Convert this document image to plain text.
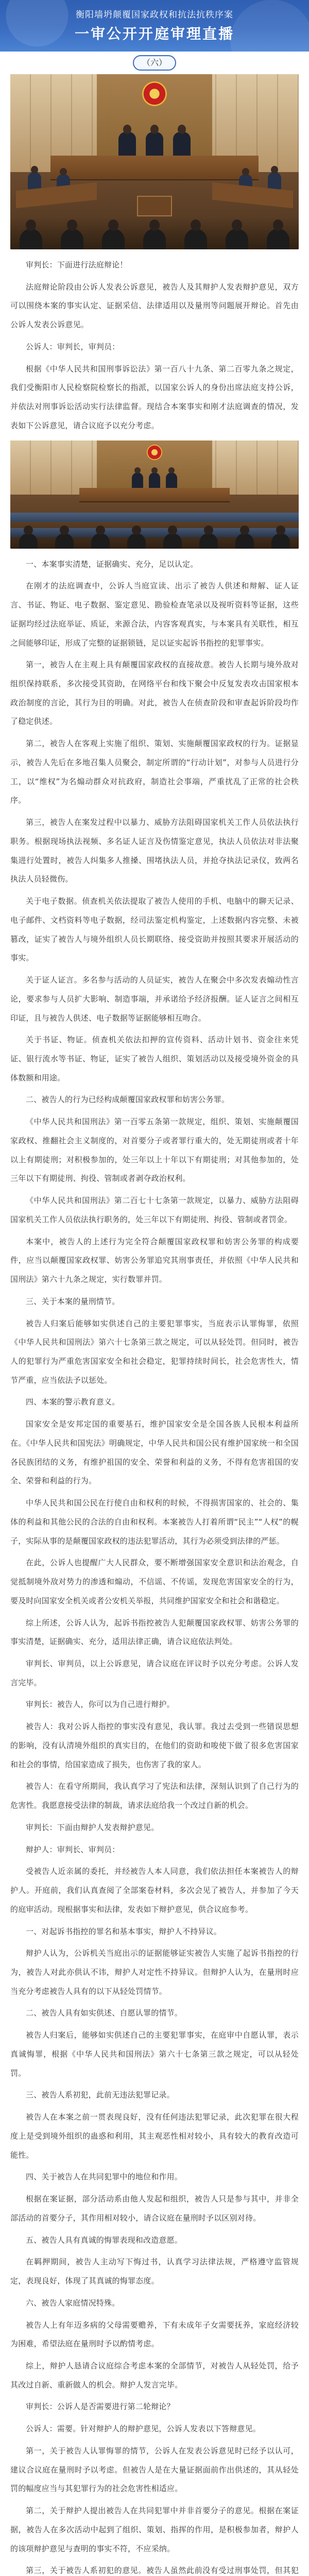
衡阳墙坍颠覆国家政权和抗法抗秩序案
一审公开开庭审理直播
（六）

审判长：下面进行法庭辩论！

法庭辩论阶段由公诉人发表公诉意见，被告人及其辩护人发表辩护意见，双方可以围绕本案的事实认定、证据采信、法律适用以及量刑等问题展开辩论。首先由公诉人发表公诉意见。

公诉人：审判长，审判员：

根据《中华人民共和国刑事诉讼法》第一百八十九条、第二百零九条之规定，我们受衡阳市人民检察院检察长的指派，以国家公诉人的身份出席法庭支持公诉，并依法对刑事诉讼活动实行法律监督。现结合本案事实和刚才法庭调查的情况，发表如下公诉意见，请合议庭予以充分考虑。

一、本案事实清楚，证据确实、充分，足以认定。

在刚才的法庭调查中，公诉人当庭宣读、出示了被告人供述和辩解、证人证言、书证、物证、电子数据、鉴定意见、勘验检查笔录以及视听资料等证据，这些证据均经过法庭举证、质证，来源合法，内容客观真实，与本案具有关联性，相互之间能够印证，形成了完整的证据锁链，足以证实起诉书指控的犯罪事实。

第一，被告人在主观上具有颠覆国家政权的直接故意。被告人长期与境外敌对组织保持联系，多次接受其资助，在网络平台和线下聚会中反复发表攻击国家根本政治制度的言论，其行为目的明确。对此，被告人在侦查阶段和审查起诉阶段均作了稳定供述。

第二，被告人在客观上实施了组织、策划、实施颠覆国家政权的行为。证据显示，被告人先后在多地召集人员聚会，制定所谓的“行动计划”，对参与人员进行分工，以“维权”为名煽动群众对抗政府，制造社会事端，严重扰乱了正常的社会秩序。

第三，被告人在案发过程中以暴力、威胁方法阻碍国家机关工作人员依法执行职务。根据现场执法视频、多名证人证言及伤情鉴定意见，执法人员依法对非法聚集进行处置时，被告人纠集多人推搡、围堵执法人员，并抢夺执法记录仪，致两名执法人员轻微伤。

关于电子数据。侦查机关依法提取了被告人使用的手机、电脑中的聊天记录、电子邮件、文档资料等电子数据，经司法鉴定机构鉴定，上述数据内容完整、未被篡改，证实了被告人与境外组织人员长期联络、接受资助并按照其要求开展活动的事实。

关于证人证言。多名参与活动的人员证实，被告人在聚会中多次发表煽动性言论，要求参与人员扩大影响、制造事端，并承诺给予经济报酬。证人证言之间相互印证，且与被告人供述、电子数据等证据能够相互吻合。

关于书证、物证。侦查机关依法扣押的宣传资料、活动计划书、资金往来凭证、银行流水等书证、物证，证实了被告人组织、策划活动以及接受境外资金的具体数额和用途。

二、被告人的行为已经构成颠覆国家政权罪和妨害公务罪。

《中华人民共和国刑法》第一百零五条第一款规定，组织、策划、实施颠覆国家政权、推翻社会主义制度的，对首要分子或者罪行重大的，处无期徒刑或者十年以上有期徒刑；对积极参加的，处三年以上十年以下有期徒刑；对其他参加的，处三年以下有期徒刑、拘役、管制或者剥夺政治权利。

《中华人民共和国刑法》第二百七十七条第一款规定，以暴力、威胁方法阻碍国家机关工作人员依法执行职务的，处三年以下有期徒刑、拘役、管制或者罚金。

本案中，被告人的上述行为完全符合颠覆国家政权罪和妨害公务罪的构成要件，应当以颠覆国家政权罪、妨害公务罪追究其刑事责任，并依照《中华人民共和国刑法》第六十九条之规定，实行数罪并罚。

三、关于本案的量刑情节。

被告人归案后能够如实供述自己的主要犯罪事实，当庭表示认罪悔罪，依照《中华人民共和国刑法》第六十七条第三款之规定，可以从轻处罚。但同时，被告人的犯罪行为严重危害国家安全和社会稳定，犯罪持续时间长，社会危害性大，情节严重，应当依法予以惩处。

四、本案的警示教育意义。

国家安全是安邦定国的重要基石，维护国家安全是全国各族人民根本利益所在。《中华人民共和国宪法》明确规定，中华人民共和国公民有维护国家统一和全国各民族团结的义务，有维护祖国的安全、荣誉和利益的义务，不得有危害祖国的安全、荣誉和利益的行为。

中华人民共和国公民在行使自由和权利的时候，不得损害国家的、社会的、集体的利益和其他公民的合法的自由和权利。本案被告人打着所谓“民主”“人权”的幌子，实际从事的是颠覆国家政权的违法犯罪活动，其行为必须受到法律的严惩。

在此，公诉人也提醒广大人民群众，要不断增强国家安全意识和法治观念，自觉抵制境外敌对势力的渗透和煽动，不信谣、不传谣，发现危害国家安全的行为，要及时向国家安全机关或者公安机关举报，共同维护国家安全和社会和谐稳定。

综上所述，公诉人认为，起诉书指控被告人犯颠覆国家政权罪、妨害公务罪的事实清楚，证据确实、充分，适用法律正确，请合议庭依法判处。

审判长、审判员，以上公诉意见，请合议庭在评议时予以充分考虑。公诉人发言完毕。

审判长：被告人，你可以为自己进行辩护。

被告人：我对公诉人指控的事实没有意见，我认罪。我过去受到一些错误思想的影响，没有认清境外组织的真实目的，在他们的资助和唆使下做了很多危害国家和社会的事情，给国家造成了损失，也伤害了我的家人。

被告人：在看守所期间，我认真学习了宪法和法律，深刻认识到了自己行为的危害性。我愿意接受法律的制裁，请求法庭给我一个改过自新的机会。

审判长：下面由辩护人发表辩护意见。

辩护人：审判长、审判员：

受被告人近亲属的委托，并经被告人本人同意，我们依法担任本案被告人的辩护人。开庭前，我们认真查阅了全部案卷材料，多次会见了被告人，并参加了今天的庭审活动。现根据事实和法律，发表如下辩护意见，供合议庭参考。

一、对起诉书指控的罪名和基本事实，辩护人不持异议。

辩护人认为，公诉机关当庭出示的证据能够证实被告人实施了起诉书指控的行为，被告人对此亦供认不讳，辩护人对定性不持异议。但辩护人认为，在量刑时应当充分考虑被告人具有的以下从轻处罚情节。

二、被告人具有如实供述、自愿认罪的情节。

被告人归案后，能够如实供述自己的主要犯罪事实，在庭审中自愿认罪，表示真诚悔罪，根据《中华人民共和国刑法》第六十七条第三款之规定，可以从轻处罚。

三、被告人系初犯，此前无违法犯罪记录。

被告人在本案之前一贯表现良好，没有任何违法犯罪记录，此次犯罪在很大程度上是受到境外组织的蛊惑和利用，其主观恶性相对较小，具有较大的教育改造可能性。

四、关于被告人在共同犯罪中的地位和作用。

根据在案证据，部分活动系由他人发起和组织，被告人只是参与其中，并非全部活动的首要分子，其作用相对较小，请合议庭在量刑时予以区别对待。

五、被告人具有真诚的悔罪表现和改造意愿。

在羁押期间，被告人主动写下悔过书，认真学习法律法规，严格遵守监管规定，表现良好，体现了其真诚的悔罪态度。

六、被告人家庭情况特殊。

被告人上有年迈多病的父母需要赡养，下有未成年子女需要抚养，家庭经济较为困难，希望法庭在量刑时予以酌情考虑。

综上，辩护人恳请合议庭综合考虑本案的全部情节，对被告人从轻处罚，给予其改过自新、重新做人的机会。辩护人发言完毕。

审判长：公诉人是否需要进行第二轮辩论？

公诉人：需要。针对辩护人的辩护意见，公诉人发表以下答辩意见。

第一，关于被告人认罪悔罪的情节，公诉人在发表公诉意见时已经予以认可，建议合议庭在量刑时予以考虑。但被告人是在大量证据面前作出供述的，其从轻处罚的幅度应当与其犯罪行为的社会危害性相适应。

第二，关于辩护人提出被告人在共同犯罪中并非首要分子的意见。根据在案证据，被告人在多次活动中起到了组织、策划、指挥的作用，是积极参加者，辩护人的该项辩护意见与查明的事实不符，不应采纳。

第三，关于被告人系初犯的意见。被告人虽然此前没有受过刑事处罚，但其犯
